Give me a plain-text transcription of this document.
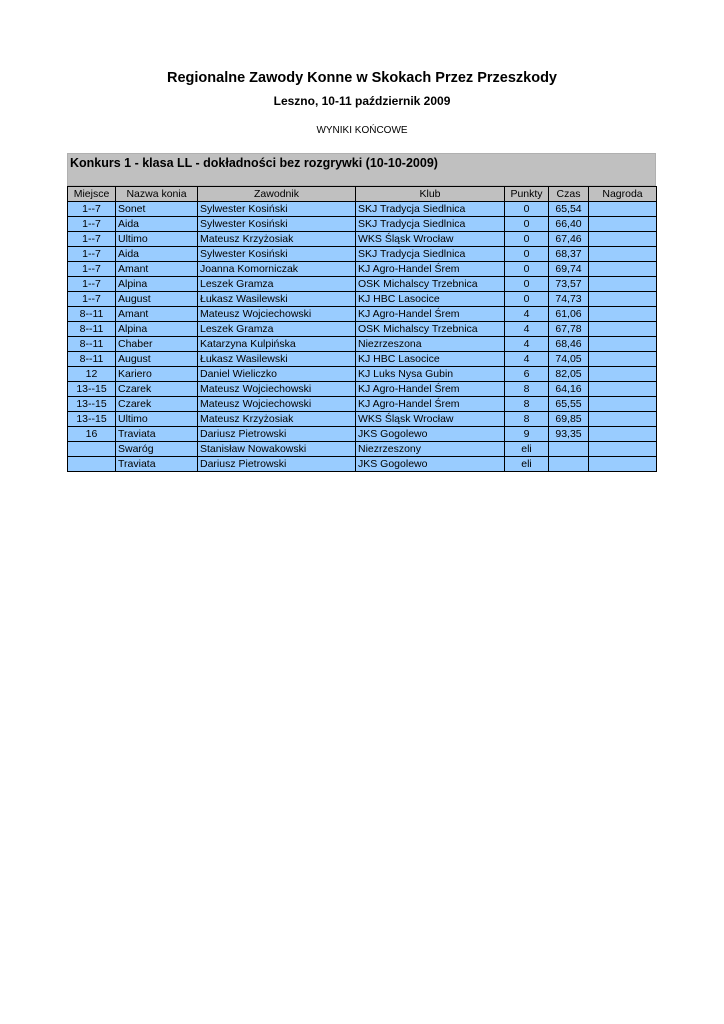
Regionalne Zawody Konne w Skokach Przez Przeszkody
Leszno, 10-11 październik 2009
WYNIKI KOŃCOWE
Konkurs 1 - klasa LL - dokładności bez rozgrywki (10-10-2009)
Miejsce	Nazwa konia	Zawodnik	Klub	Punkty	Czas	Nagroda
1--7	Sonet	Sylwester Kosiński	SKJ Tradycja Siedlnica	0	65,54	
1--7	Aida	Sylwester Kosiński	SKJ Tradycja Siedlnica	0	66,40	
1--7	Ultimo	Mateusz Krzyżosiak	WKS Śląsk Wrocław	0	67,46	
1--7	Aida	Sylwester Kosiński	SKJ Tradycja Siedlnica	0	68,37	
1--7	Amant	Joanna Komorniczak	KJ Agro-Handel Śrem	0	69,74	
1--7	Alpina	Leszek Gramza	OSK Michalscy Trzebnica	0	73,57	
1--7	August	Łukasz Wasilewski	KJ HBC Lasocice	0	74,73	
8--11	Amant	Mateusz Wojciechowski	KJ Agro-Handel Śrem	4	61,06	
8--11	Alpina	Leszek Gramza	OSK Michalscy Trzebnica	4	67,78	
8--11	Chaber	Katarzyna Kulpińska	Niezrzeszona	4	68,46	
8--11	August	Łukasz Wasilewski	KJ HBC Lasocice	4	74,05	
12	Kariero	Daniel Wieliczko	KJ Luks Nysa Gubin	6	82,05	
13--15	Czarek	Mateusz Wojciechowski	KJ Agro-Handel Śrem	8	64,16	
13--15	Czarek	Mateusz Wojciechowski	KJ Agro-Handel Śrem	8	65,55	
13--15	Ultimo	Mateusz Krzyżosiak	WKS Śląsk Wrocław	8	69,85	
16	Traviata	Dariusz Pietrowski	JKS Gogolewo	9	93,35	
	Swaróg	Stanisław Nowakowski	Niezrzeszony	eli		
	Traviata	Dariusz Pietrowski	JKS Gogolewo	eli		
